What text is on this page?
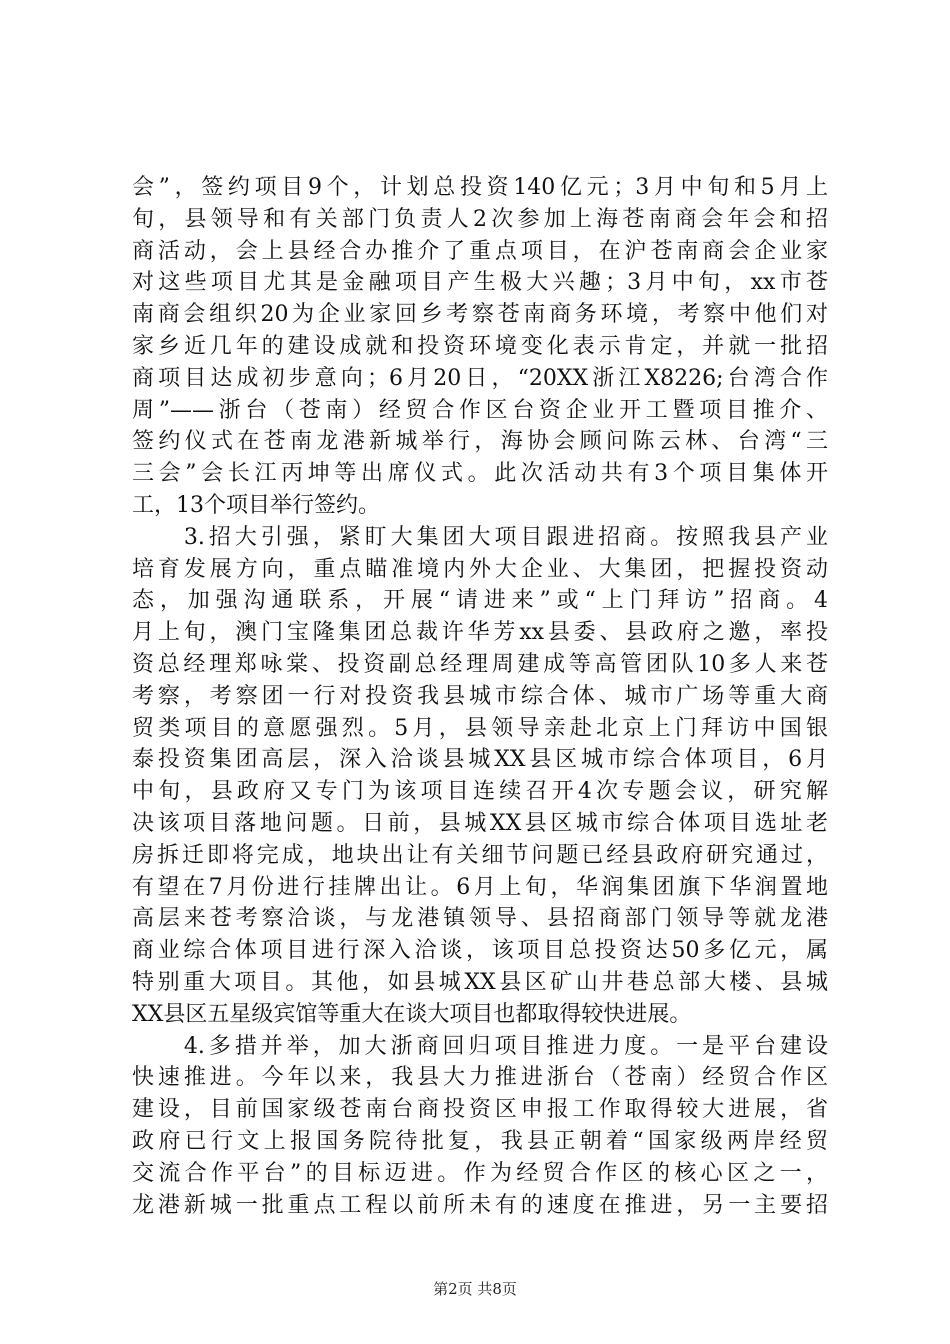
会”，签约项目9个，计划总投资140亿元；3月中旬和5月上
旬，县领导和有关部门负责人2次参加上海苍南商会年会和招
商活动，会上县经合办推介了重点项目，在沪苍南商会企业家
对这些项目尤其是金融项目产生极大兴趣；3月中旬，xx市苍
南商会组织20为企业家回乡考察苍南商务环境，考察中他们对
家乡近几年的建设成就和投资环境变化表示肯定，并就一批招
商项目达成初步意向；6月20日，“20XX浙江X8226;台湾合作
周”——浙台（苍南）经贸合作区台资企业开工暨项目推介、
签约仪式在苍南龙港新城举行，海协会顾问陈云林、台湾“三
三会”会长江丙坤等出席仪式。此次活动共有3个项目集体开
工，13个项目举行签约。
　　3.招大引强，紧盯大集团大项目跟进招商。按照我县产业
培育发展方向，重点瞄准境内外大企业、大集团，把握投资动
态，加强沟通联系，开展“请进来”或“上门拜访”招商。4
月上旬，澳门宝隆集团总裁许华芳xx县委、县政府之邀，率投
资总经理郑咏棠、投资副总经理周建成等高管团队10多人来苍
考察，考察团一行对投资我县城市综合体、城市广场等重大商
贸类项目的意愿强烈。5月，县领导亲赴北京上门拜访中国银
泰投资集团高层，深入洽谈县城XX县区城市综合体项目，6月
中旬，县政府又专门为该项目连续召开4次专题会议，研究解
决该项目落地问题。日前，县城XX县区城市综合体项目选址老
房拆迁即将完成，地块出让有关细节问题已经县政府研究通过，
有望在7月份进行挂牌出让。6月上旬，华润集团旗下华润置地
高层来苍考察洽谈，与龙港镇领导、县招商部门领导等就龙港
商业综合体项目进行深入洽谈，该项目总投资达50多亿元，属
特别重大项目。其他，如县城XX县区矿山井巷总部大楼、县城
XX县区五星级宾馆等重大在谈大项目也都取得较快进展。
　　4.多措并举，加大浙商回归项目推进力度。一是平台建设
快速推进。今年以来，我县大力推进浙台（苍南）经贸合作区
建设，目前国家级苍南台商投资区申报工作取得较大进展，省
政府已行文上报国务院待批复，我县正朝着“国家级两岸经贸
交流合作平台”的目标迈进。作为经贸合作区的核心区之一，
龙港新城一批重点工程以前所未有的速度在推进，另一主要招
第2页 共8页
